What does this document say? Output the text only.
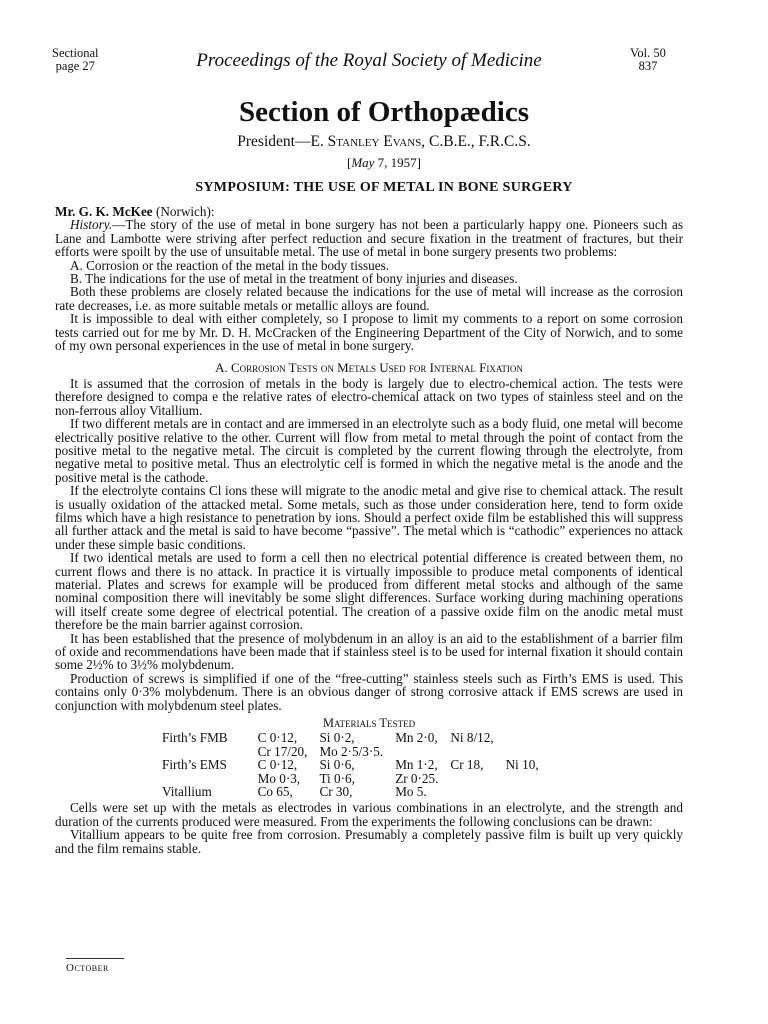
Sectional
page 27	Proceedings of the Royal Society of Medicine	Vol. 50
837
Section of Orthopædics
President—E. Stanley Evans, C.B.E., F.R.C.S.
[May 7, 1957]
SYMPOSIUM: THE USE OF METAL IN BONE SURGERY

Mr. G. K. McKee (Norwich):

History.—The story of the use of metal in bone surgery has not been a particularly happy one. Pioneers such as Lane and Lambotte were striving after perfect reduction and secure fixation in the treatment of fractures, but their efforts were spoilt by the use of unsuitable metal. The use of metal in bone surgery presents two problems:

A. Corrosion or the reaction of the metal in the body tissues.

B. The indications for the use of metal in the treatment of bony injuries and diseases.

Both these problems are closely related because the indications for the use of metal will increase as the corrosion rate decreases, i.e. as more suitable metals or metallic alloys are found.

It is impossible to deal with either completely, so I propose to limit my comments to a report on some corrosion tests carried out for me by Mr. D. H. McCracken of the Engineering Department of the City of Norwich, and to some of my own personal experiences in the use of metal in bone surgery.

A. Corrosion Tests on Metals Used for Internal Fixation

It is assumed that the corrosion of metals in the body is largely due to electro-chemical action. The tests were therefore designed to compa e the relative rates of electro-chemical attack on two types of stainless steel and on the non-ferrous alloy Vitallium.

If two different metals are in contact and are immersed in an electrolyte such as a body fluid, one metal will become electrically positive relative to the other. Current will flow from metal to metal through the point of contact from the positive metal to the negative metal. The circuit is completed by the current flowing through the electrolyte, from negative metal to positive metal. Thus an electrolytic cell is formed in which the negative metal is the anode and the positive metal is the cathode.

If the electrolyte contains Cl ions these will migrate to the anodic metal and give rise to chemical attack. The result is usually oxidation of the attacked metal. Some metals, such as those under consideration here, tend to form oxide films which have a high resistance to penetration by ions. Should a perfect oxide film be established this will suppress all further attack and the metal is said to have become “passive”. The metal which is “cathodic” experiences no attack under these simple basic conditions.

If two identical metals are used to form a cell then no electrical potential difference is created between them, no current flows and there is no attack. In practice it is virtually impossible to produce metal components of identical material. Plates and screws for example will be produced from different metal stocks and although of the same nominal composition there will inevitably be some slight differences. Surface working during machining operations will itself create some degree of electrical potential. The creation of a passive oxide film on the anodic metal must therefore be the main barrier against corrosion.

It has been established that the presence of molybdenum in an alloy is an aid to the establishment of a barrier film of oxide and recommendations have been made that if stainless steel is to be used for internal fixation it should contain some 2½% to 3½% molybdenum.

Production of screws is simplified if one of the “free-cutting” stainless steels such as Firth’s EMS is used. This contains only 0·3% molybdenum. There is an obvious danger of strong corrosive attack if EMS screws are used in conjunction with molybdenum steel plates.

Materials Tested
Firth’s FMB	C 0·12,	Si 0·2,	Mn 2·0,	Ni 8/12,	
	Cr 17/20,	Mo 2·5/3·5.			
Firth’s EMS	C 0·12,	Si 0·6,	Mn 1·2,	Cr 18,	Ni 10,
	Mo 0·3,	Ti 0·6,	Zr 0·25.		
Vitallium	Co 65,	Cr 30,	Mo 5.		

Cells were set up with the metals as electrodes in various combinations in an electrolyte, and the strength and duration of the currents produced were measured. From the experiments the following conclusions can be drawn:

Vitallium appears to be quite free from corrosion. Presumably a completely passive film is built up very quickly and the film remains stable.

October
